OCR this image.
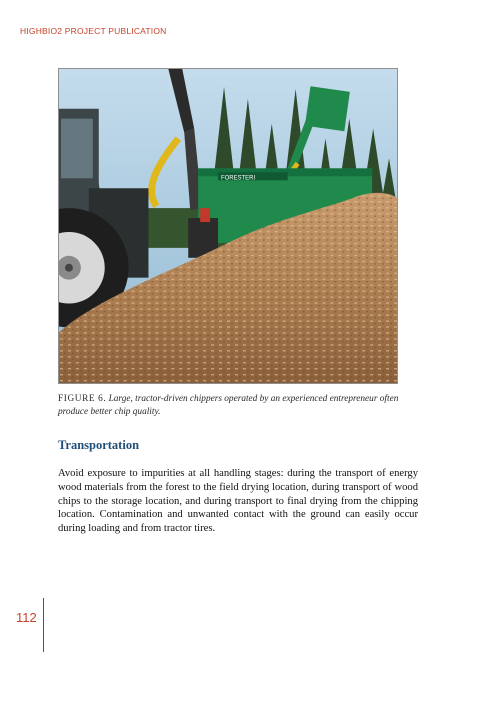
HIGHBIO2 PROJECT PUBLICATION
FORESTERI
FIGURE 6. Large, tractor-driven chippers operated by an experienced entrepreneur often produce better chip quality.
Transportation

Avoid exposure to impurities at all handling stages: during the transport of energy wood materials from the forest to the field drying location, during transport of wood chips to the storage location, and during transport to final drying from the chipping location. Contamination and unwanted contact with the ground can easily occur during loading and from tractor tires.

112
